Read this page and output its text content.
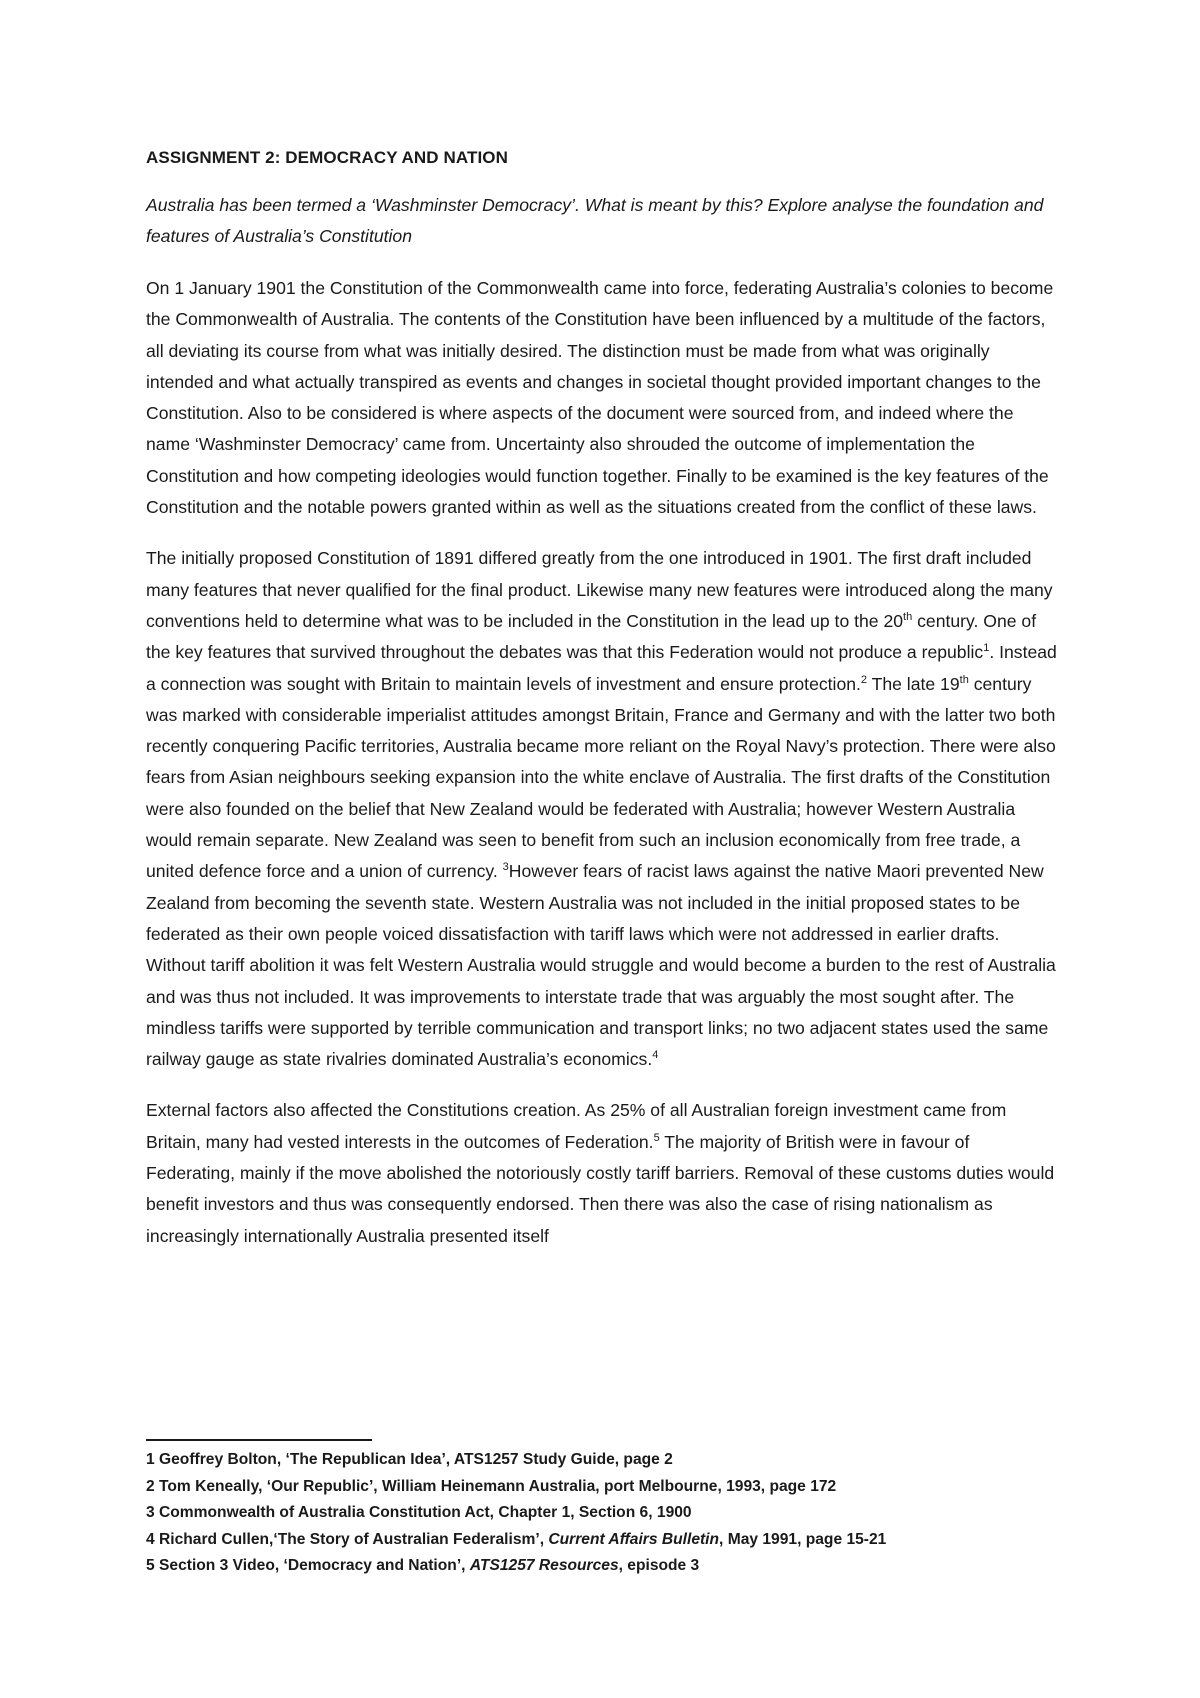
ASSIGNMENT 2: DEMOCRACY AND NATION
Australia has been termed a ‘Washminster Democracy’. What is meant by this? Explore analyse the foundation and features of Australia’s Constitution
On 1 January 1901 the Constitution of the Commonwealth came into force, federating Australia’s colonies to become the Commonwealth of Australia. The contents of the Constitution have been influenced by a multitude of the factors, all deviating its course from what was initially desired. The distinction must be made from what was originally intended and what actually transpired as events and changes in societal thought provided important changes to the Constitution. Also to be considered is where aspects of the document were sourced from, and indeed where the name ‘Washminster Democracy’ came from. Uncertainty also shrouded the outcome of implementation the Constitution and how competing ideologies would function together. Finally to be examined is the key features of the Constitution and the notable powers granted within as well as the situations created from the conflict of these laws.
The initially proposed Constitution of 1891 differed greatly from the one introduced in 1901. The first draft included many features that never qualified for the final product. Likewise many new features were introduced along the many conventions held to determine what was to be included in the Constitution in the lead up to the 20th century. One of the key features that survived throughout the debates was that this Federation would not produce a republic$^1$. Instead a connection was sought with Britain to maintain levels of investment and ensure protection.$^2$ The late 19th century was marked with considerable imperialist attitudes amongst Britain, France and Germany and with the latter two both recently conquering Pacific territories, Australia became more reliant on the Royal Navy’s protection. There were also fears from Asian neighbours seeking expansion into the white enclave of Australia. The first drafts of the Constitution were also founded on the belief that New Zealand would be federated with Australia; however Western Australia would remain separate. New Zealand was seen to benefit from such an inclusion economically from free trade, a united defence force and a union of currency. $^3$However fears of racist laws against the native Maori prevented New Zealand from becoming the seventh state. Western Australia was not included in the initial proposed states to be federated as their own people voiced dissatisfaction with tariff laws which were not addressed in earlier drafts. Without tariff abolition it was felt Western Australia would struggle and would become a burden to the rest of Australia and was thus not included. It was improvements to interstate trade that was arguably the most sought after. The mindless tariffs were supported by terrible communication and transport links; no two adjacent states used the same railway gauge as state rivalries dominated Australia’s economics.$^4$
External factors also affected the Constitutions creation. As 25% of all Australian foreign investment came from Britain, many had vested interests in the outcomes of Federation.$^5$ The majority of British were in favour of Federating, mainly if the move abolished the notoriously costly tariff barriers. Removal of these customs duties would benefit investors and thus was consequently endorsed. Then there was also the case of rising nationalism as increasingly internationally Australia presented itself
1 Geoffrey Bolton, ‘The Republican Idea’, ATS1257 Study Guide, page 2
2 Tom Keneally, ‘Our Republic’, William Heinemann Australia, port Melbourne, 1993, page 172
3 Commonwealth of Australia Constitution Act, Chapter 1, Section 6, 1900
4 Richard Cullen,‘The Story of Australian Federalism’, Current Affairs Bulletin, May 1991, page 15-21
5 Section 3 Video, ‘Democracy and Nation’, ATS1257 Resources, episode 3
